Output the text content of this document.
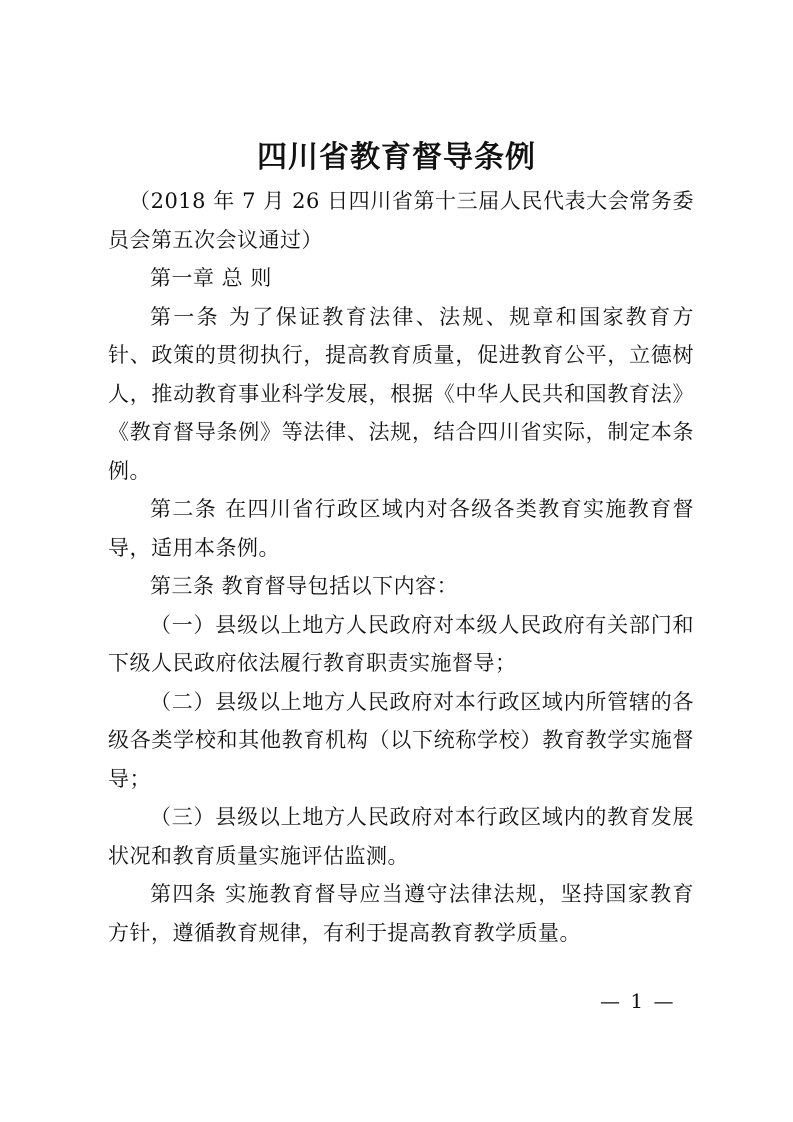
四川省教育督导条例

（2018 年 7 月 26 日四川省第十三届人民代表大会常务委员会第五次会议通过）

第一章 总 则

第一条 为了保证教育法律、法规、规章和国家教育方针、政策的贯彻执行，提高教育质量，促进教育公平，立德树人，推动教育事业科学发展，根据《中华人民共和国教育法》《教育督导条例》等法律、法规，结合四川省实际，制定本条例。

第二条 在四川省行政区域内对各级各类教育实施教育督导，适用本条例。

第三条 教育督导包括以下内容：

（一）县级以上地方人民政府对本级人民政府有关部门和下级人民政府依法履行教育职责实施督导；

（二）县级以上地方人民政府对本行政区域内所管辖的各级各类学校和其他教育机构（以下统称学校）教育教学实施督导；

（三）县级以上地方人民政府对本行政区域内的教育发展状况和教育质量实施评估监测。

第四条 实施教育督导应当遵守法律法规，坚持国家教育方针，遵循教育规律，有利于提高教育教学质量。

— 1 —
